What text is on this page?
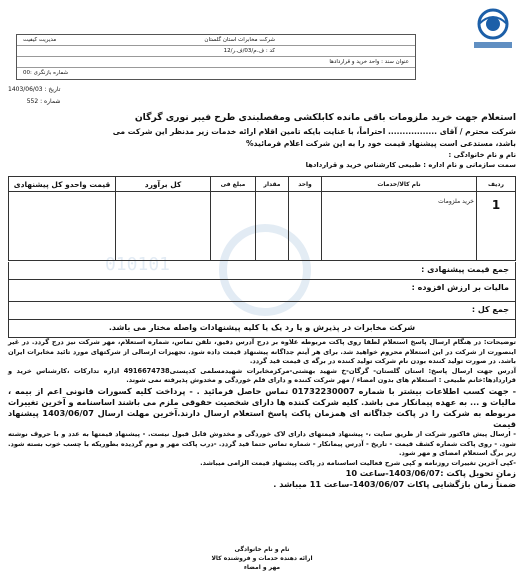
شرکت مخابرات استان گلستان
مدیریت کیفیت
کد : ف.م/03/ف.ر/12
عنوان سند : واحد خرید و قراردادها
شماره بازنگری :00
تاریخ : 1403/06/03
شماره : 552
استعلام جهت خرید ملزومات باقی مانده کابلکشی ومفصلبندی طرح فیبر نوری گرگان
شرکت محترم / آقای ................. احتراماً، با عنایت بایکه تامین اقلام ارائه خدمات زیر مدنظر این شرکت می
باشد، مستدعی است پیشنهاد قیمت خود را به این شرکت اعلام فرمائید%
نام و نام خانوادگی :
سمت سازمانی و نام اداره : طبیعی کارشناس خرید و قراردادها
010101
ردیف	نام کالا/خدمات	واحد	مقدار	مبلغ فی	کل برآورد	قیمت واحدو کل پیشنهادی
1	خرید ملزومات					
جمع قیمت پیشنهادی :
مالیات بر ارزش افزوده :
جمع کل :
شرکت مخابرات در پذیرش و یا رد یک یا کلیه پیشنهادات واصله مختار می باشد.

توضیحات: در هنگام ارسال پاسخ استعلام لطفا روی پاکت مربوطه علاوه بر درج آدرس دقیق، تلفن تماس، شماره استعلام، مهر شرکت نیز درج گردد. در غیر اینصورت از شرکت در این استعلام محروم خواهید شد. برای هر آیتم جداگانه پیشنهاد قیمت داده شود. تجهیزات ارسالی از شرکتهای مورد تائید مخابرات ایران باشد. در صورت تولید کننده بودن نام شرکت تولید کننده در برگه ی قیمت قید گردد.

آدرس جهت ارسال پاسخ: استان گلستان- گرگان-خ شهید بهشتی-مرکزمخابرات شهیدمسلمی کدپستی4916674738 اداره تدارکات ،کارشناس خرید و قراردادها:خانم طبیعی : استعلام های بدون امضاء / مهر شرکت کننده و دارای قلم خوردگی و مخدوش پذیرفته نمی شوند.

- جهت کسب اطلاعات بیشتر با شماره 01732230007 تماس حاصل فرمائید . - پرداخت کلیه کسورات قانونی اعم از بیمه ، مالیات و ... به عهده پیمانکار می باشد. کلیه شرکت کننده ها دارای شخصیت حقوقی ملزم می باشند اساسنامه و آخرین تغییرات مربوطه به شرکت را در پاکت جداگانه ای همزمان پاکت پاسخ استعلام ارسال دارند.آخرین مهلت ارسال 1403/06/07 پیشنهاد قیمت

- ارسال پیش فاکتور شرکت از طریق سایت ،- پیشنهاد قیمتهای دارای لاک خوردگی و مخدوش قابل قبول نیست. - پیشنهاد قیمتها به عدد و با حروف نوشته شود. - روی پاکت شماره کشف قیمت - تاریخ - آدرس پیمانکار - شماره تماس حتما قید گردد. -درب پاکت مهر و موم گردیده بطوریکه با چسب خوب بسته شود. زیر برگ استعلام امضای و مهر شود.

-کپی آخرین تغییرات روزنامه و کپی شرح فعالیت اساسنامه در پاکت پیشنهاد قیمت الزامی میباشد.

زمان تحویل پاکت :1403/06/07-ساعت 10

ضمناً زمان بازگشایی پاکات 1403/06/07-ساعت 11 میباشد .

نام و نام خانوادگی
ارائه دهنده خدمات و فروشنده کالا
مهر و امضاء
